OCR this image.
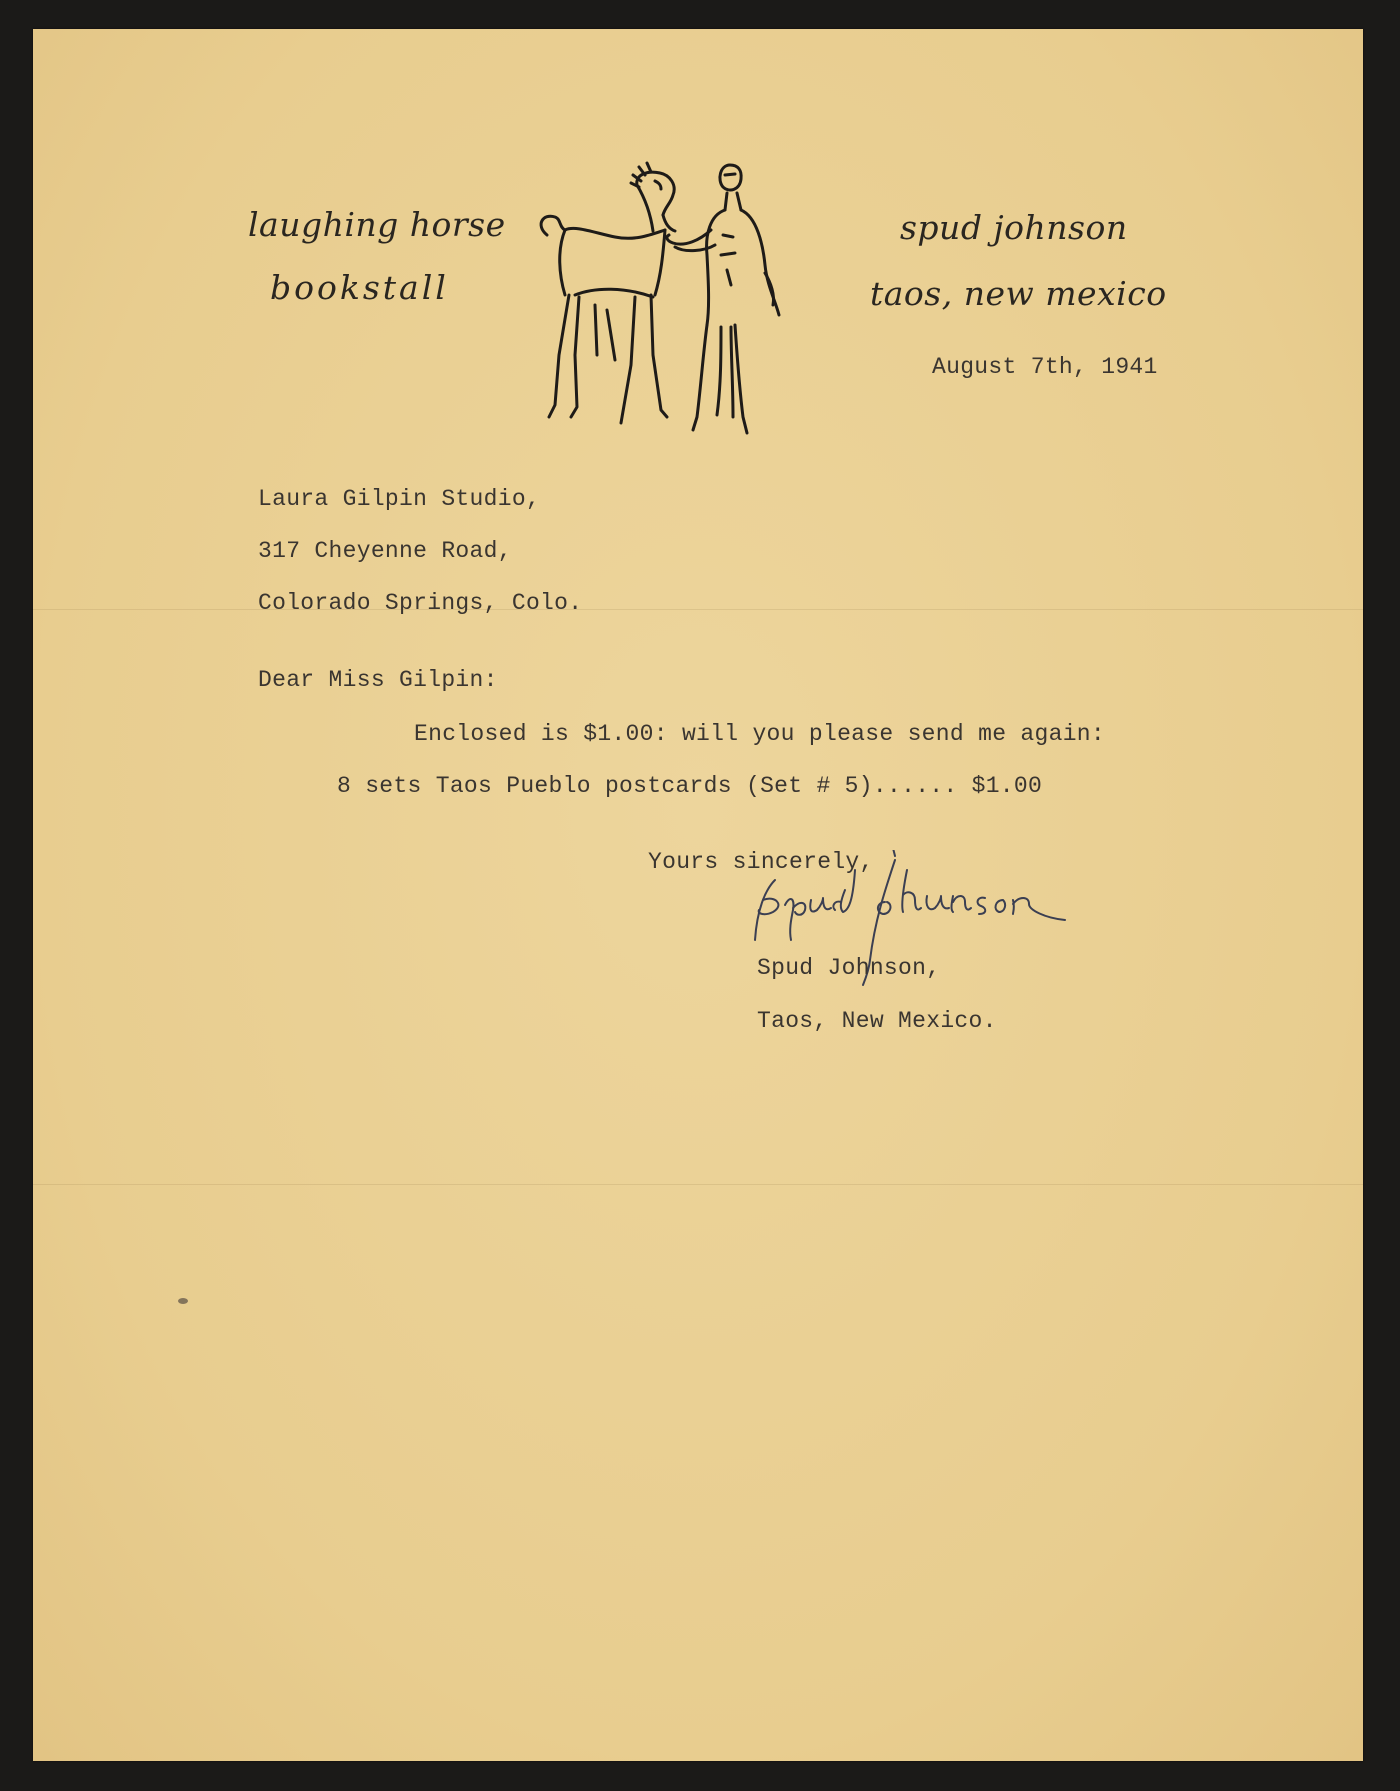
laughing horse
bookstall
spud johnson
taos, new mexico
August 7th, 1941
Laura Gilpin Studio,
317 Cheyenne Road,
Colorado Springs, Colo.
Dear Miss Gilpin:
Enclosed is $1.00: will you please send me again:
8 sets Taos Pueblo postcards (Set # 5)...... $1.00
Yours sincerely,
Spud Johnson,
Taos, New Mexico.
